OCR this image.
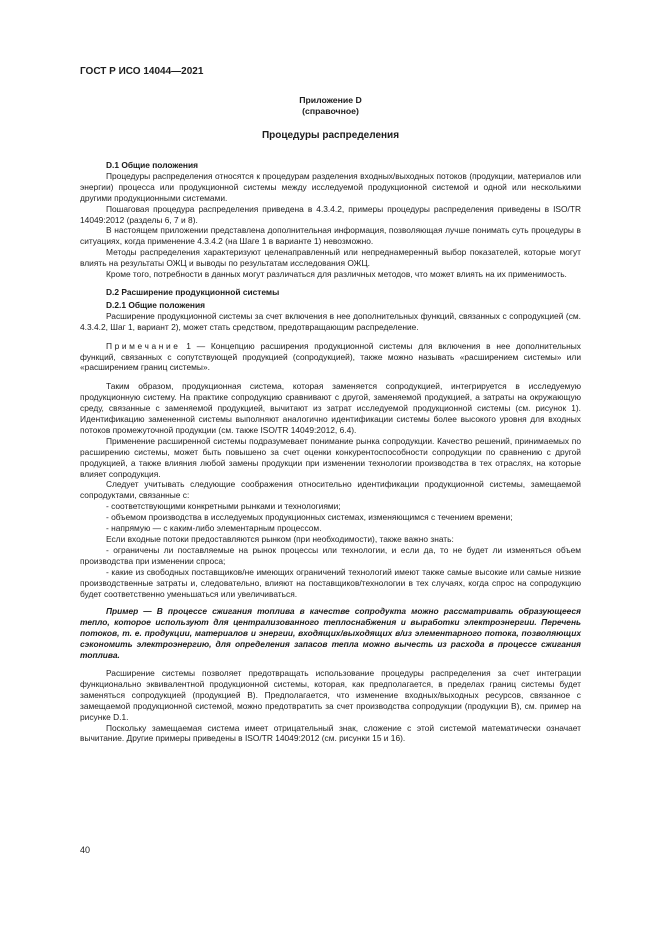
ГОСТ Р ИСО 14044—2021

Приложение D

(справочное)

Процедуры распределения

D.1 Общие положения

Процедуры распределения относятся к процедурам разделения входных/выходных потоков (продукции, материалов или энергии) процесса или продукционной системы между исследуемой продукционной системой и одной или несколькими другими продукционными системами.

Пошаговая процедура распределения приведена в 4.3.4.2, примеры процедуры распределения приведены в ISO/TR 14049:2012 (разделы 6, 7 и 8).

В настоящем приложении представлена дополнительная информация, позволяющая лучше понимать суть процедуры в ситуациях, когда применение 4.3.4.2 (на Шаге 1 в варианте 1) невозможно.

Методы распределения характеризуют целенаправленный или непреднамеренный выбор показателей, которые могут влиять на результаты ОЖЦ и выводы по результатам исследования ОЖЦ.

Кроме того, потребности в данных могут различаться для различных методов, что может влиять на их применимость.

D.2 Расширение продукционной системы

D.2.1 Общие положения

Расширение продукционной системы за счет включения в нее дополнительных функций, связанных с сопродукцией (см. 4.3.4.2, Шаг 1, вариант 2), может стать средством, предотвращающим распределение.

Примечание 1 — Концепцию расширения продукционной системы для включения в нее дополнительных функций, связанных с сопутствующей продукцией (сопродукцией), также можно называть «расширением системы» или «расширением границ системы».

Таким образом, продукционная система, которая заменяется сопродукцией, интегрируется в исследуемую продукционную систему. На практике сопродукцию сравнивают с другой, заменяемой продукцией, а затраты на окружающую среду, связанные с заменяемой продукцией, вычитают из затрат исследуемой продукционной системы (см. рисунок 1). Идентификацию замененной системы выполняют аналогично идентификации системы более высокого уровня для входных потоков промежуточной продукции (см. также ISO/TR 14049:2012, 6.4).

Применение расширенной системы подразумевает понимание рынка сопродукции. Качество решений, принимаемых по расширению системы, может быть повышено за счет оценки конкурентоспособности сопродукции по сравнению с другой продукцией, а также влияния любой замены продукции при изменении технологии производства в тех отраслях, на которые влияет сопродукция.

Следует учитывать следующие соображения относительно идентификации продукционной системы, замещаемой сопродуктами, связанные с:

- соответствующими конкретными рынками и технологиями;

- объемом производства в исследуемых продукционных системах, изменяющимся с течением времени;

- напрямую — с каким-либо элементарным процессом.

Если входные потоки предоставляются рынком (при необходимости), также важно знать:

- ограничены ли поставляемые на рынок процессы или технологии, и если да, то не будет ли изменяться объем производства при изменении спроса;

- какие из свободных поставщиков/не имеющих ограничений технологий имеют также самые высокие или самые низкие производственные затраты и, следовательно, влияют на поставщиков/технологии в тех случаях, когда спрос на сопродукцию будет соответственно уменьшаться или увеличиваться.

Пример — В процессе сжигания топлива в качестве сопродукта можно рассматривать образующееся тепло, которое используют для централизованного теплоснабжения и выработки электроэнергии. Перечень потоков, т. е. продукции, материалов и энергии, входящих/выходящих в/из элементарного потока, позволяющих сэкономить электроэнергию, для определения запасов тепла можно вычесть из расхода в процессе сжигания топлива.

Расширение системы позволяет предотвращать использование процедуры распределения за счет интеграции функционально эквивалентной продукционной системы, которая, как предполагается, в пределах границ системы будет заменяться сопродукцией (продукцией В). Предполагается, что изменение входных/выходных ресурсов, связанное с замещаемой продукционной системой, можно предотвратить за счет производства сопродукции (продукции В), см. пример на рисунке D.1.

Поскольку замещаемая система имеет отрицательный знак, сложение с этой системой математически означает вычитание. Другие примеры приведены в ISO/TR 14049:2012 (см. рисунки 15 и 16).

40
